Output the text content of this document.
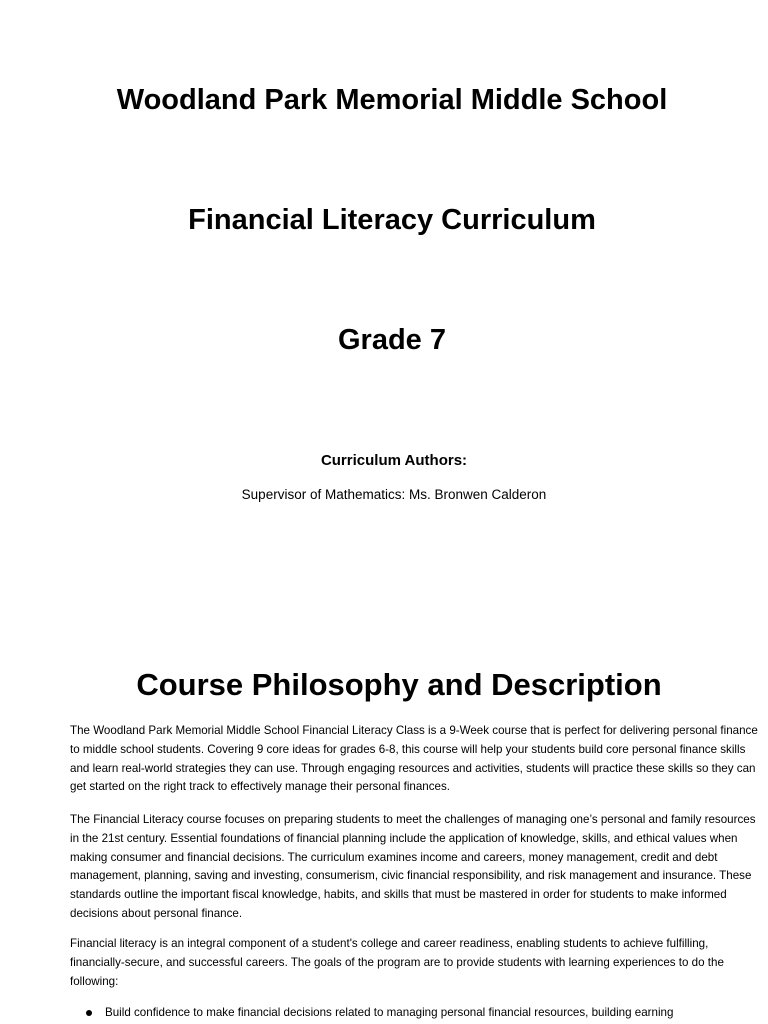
Woodland Park Memorial Middle School
Financial Literacy Curriculum
Grade 7
Curriculum Authors:

Supervisor of Mathematics: Ms. Bronwen Calderon

Course Philosophy and Description

The Woodland Park Memorial Middle School Financial Literacy Class is a 9-Week course that is perfect for delivering personal finance to middle school students. Covering 9 core ideas for grades 6-8, this course will help your students build core personal finance skills and learn real-world strategies they can use. Through engaging resources and activities, students will practice these skills so they can get started on the right track to effectively manage their personal finances.

The Financial Literacy course focuses on preparing students to meet the challenges of managing one’s personal and family resources in the 21st century. Essential foundations of financial planning include the application of knowledge, skills, and ethical values when making consumer and financial decisions. The curriculum examines income and careers, money management, credit and debt management, planning, saving and investing, consumerism, civic financial responsibility, and risk management and insurance. These standards outline the important fiscal knowledge, habits, and skills that must be mastered in order for students to make informed decisions about personal finance.

Financial literacy is an integral component of a student's college and career readiness, enabling students to achieve fulfilling, financially-secure, and successful careers. The goals of the program are to provide students with learning experiences to do the following:

Build confidence to make financial decisions related to managing personal financial resources, building earning
